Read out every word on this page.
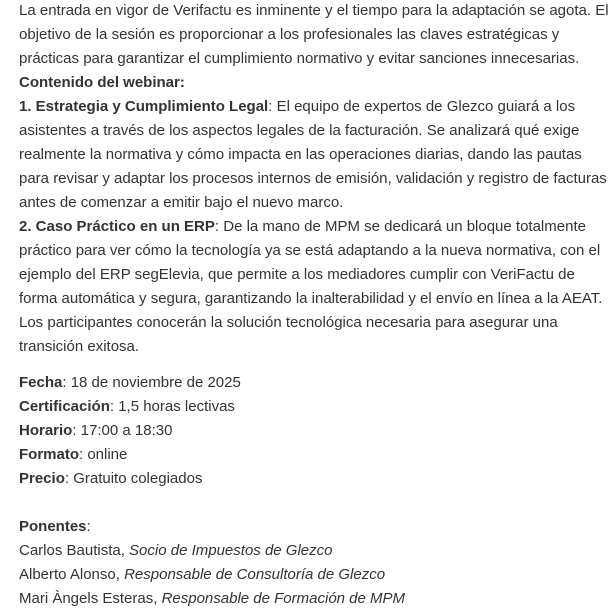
La entrada en vigor de Verifactu es inminente y el tiempo para la adaptación se agota. El objetivo de la sesión es proporcionar a los profesionales las claves estratégicas y prácticas para garantizar el cumplimiento normativo y evitar sanciones innecesarias.

Contenido del webinar:

1. Estrategia y Cumplimiento Legal: El equipo de expertos de Glezco guiará a los asistentes a través de los aspectos legales de la facturación. Se analizará qué exige realmente la normativa y cómo impacta en las operaciones diarias, dando las pautas para revisar y adaptar los procesos internos de emisión, validación y registro de facturas antes de comenzar a emitir bajo el nuevo marco.

2. Caso Práctico en un ERP: De la mano de MPM se dedicará un bloque totalmente práctico para ver cómo la tecnología ya se está adaptando a la nueva normativa, con el ejemplo del ERP segElevia, que permite a los mediadores cumplir con VeriFactu de forma automática y segura, garantizando la inalterabilidad y el envío en línea a la AEAT. Los participantes conocerán la solución tecnológica necesaria para asegurar una transición exitosa.

Fecha: 18 de noviembre de 2025

Certificación: 1,5 horas lectivas

Horario: 17:00 a 18:30

Formato: online

Precio: Gratuito colegiados

Ponentes:

Carlos Bautista, Socio de Impuestos de Glezco

Alberto Alonso, Responsable de Consultoría de Glezco

Mari Àngels Esteras, Responsable de Formación de MPM
